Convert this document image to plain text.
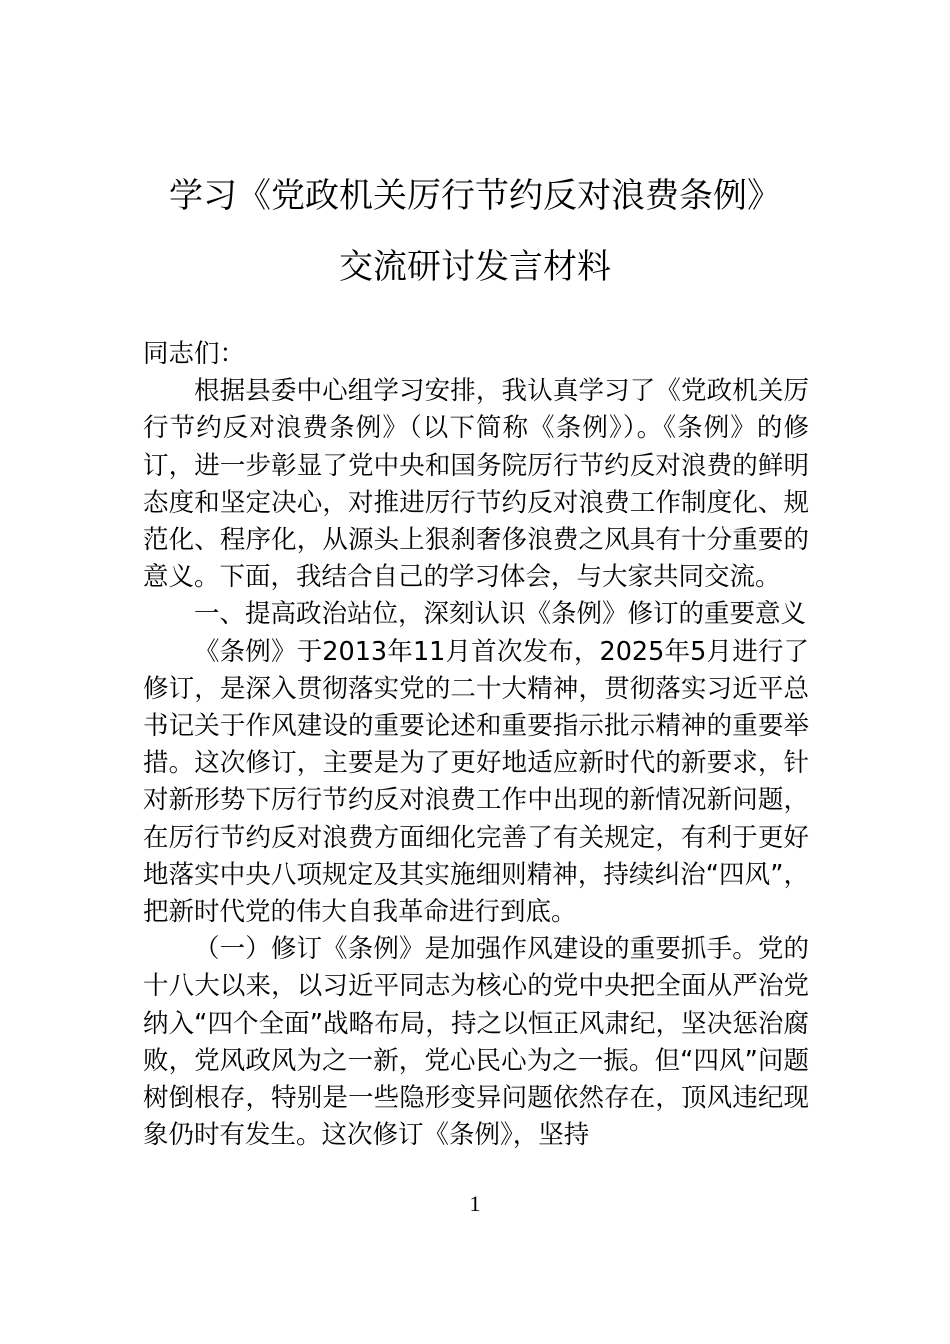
学习《党政机关厉行节约反对浪费条例》
交流研讨发言材料

同志们：

根据县委中心组学习安排，我认真学习了《党政机关厉行节约反对浪费条例》（以下简称《条例》）。《条例》的修订，进一步彰显了党中央和国务院厉行节约反对浪费的鲜明态度和坚定决心，对推进厉行节约反对浪费工作制度化、规范化、程序化，从源头上狠刹奢侈浪费之风具有十分重要的意义。下面，我结合自己的学习体会，与大家共同交流。

一、提高政治站位，深刻认识《条例》修订的重要意义

《条例》于2013年11月首次发布，2025年5月进行了修订，是深入贯彻落实党的二十大精神，贯彻落实习近平总书记关于作风建设的重要论述和重要指示批示精神的重要举措。这次修订，主要是为了更好地适应新时代的新要求，针对新形势下厉行节约反对浪费工作中出现的新情况新问题，在厉行节约反对浪费方面细化完善了有关规定，有利于更好地落实中央八项规定及其实施细则精神，持续纠治“四风”，把新时代党的伟大自我革命进行到底。

（一）修订《条例》是加强作风建设的重要抓手。党的十八大以来，以习近平同志为核心的党中央把全面从严治党纳入“四个全面”战略布局，持之以恒正风肃纪，坚决惩治腐败，党风政风为之一新，党心民心为之一振。但“四风”问题树倒根存，特别是一些隐形变异问题依然存在，顶风违纪现象仍时有发生。这次修订《条例》，坚持

1
